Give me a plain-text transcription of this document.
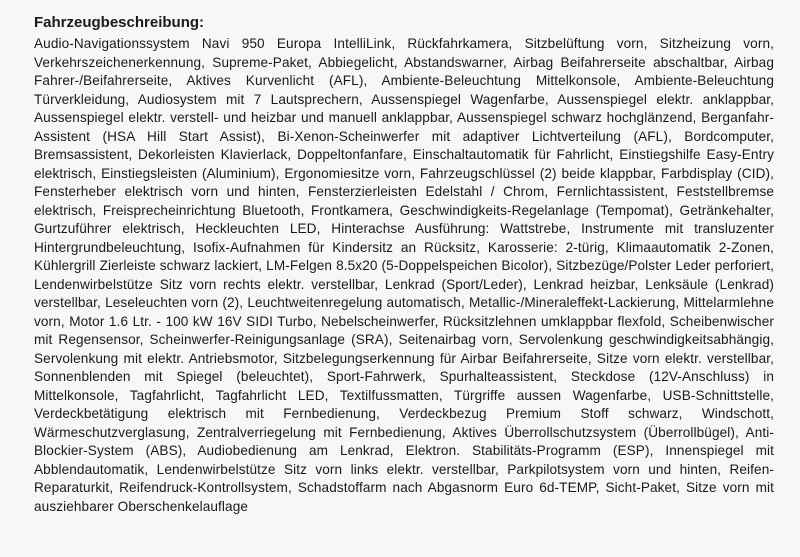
Fahrzeugbeschreibung:

Audio-Navigationssystem Navi 950 Europa IntelliLink, Rückfahrkamera, Sitzbelüftung vorn, Sitzheizung vorn, Verkehrszeichenerkennung, Supreme-Paket, Abbiegelicht, Abstandswarner, Airbag Beifahrerseite abschaltbar, Airbag Fahrer-/Beifahrerseite, Aktives Kurvenlicht (AFL), Ambiente-Beleuchtung Mittelkonsole, Ambiente-Beleuchtung Türverkleidung, Audiosystem mit 7 Lautsprechern, Aussenspiegel Wagenfarbe, Aussenspiegel elektr. anklappbar, Aussenspiegel elektr. verstell- und heizbar und manuell anklappbar, Aussenspiegel schwarz hochglänzend, Berganfahr-Assistent (HSA Hill Start Assist), Bi-Xenon-Scheinwerfer mit adaptiver Lichtverteilung (AFL), Bordcomputer, Bremsassistent, Dekorleisten Klavierlack, Doppeltonfanfare, Einschaltautomatik für Fahrlicht, Einstiegshilfe Easy-Entry elektrisch, Einstiegsleisten (Aluminium), Ergonomiesitze vorn, Fahrzeugschlüssel (2) beide klappbar, Farbdisplay (CID), Fensterheber elektrisch vorn und hinten, Fensterzierleisten Edelstahl / Chrom, Fernlichtassistent, Feststellbremse elektrisch, Freisprecheinrichtung Bluetooth, Frontkamera, Geschwindigkeits-Regelanlage (Tempomat), Getränkehalter, Gurtzuführer elektrisch, Heckleuchten LED, Hinterachse Ausführung: Wattstrebe, Instrumente mit transluzenter Hintergrundbeleuchtung, Isofix-Aufnahmen für Kindersitz an Rücksitz, Karosserie: 2-türig, Klimaautomatik 2-Zonen, Kühlergrill Zierleiste schwarz lackiert, LM-Felgen 8.5x20 (5-Doppelspeichen Bicolor), Sitzbezüge/Polster Leder perforiert, Lendenwirbelstütze Sitz vorn rechts elektr. verstellbar, Lenkrad (Sport/Leder), Lenkrad heizbar, Lenksäule (Lenkrad) verstellbar, Leseleuchten vorn (2), Leuchtweitenregelung automatisch, Metallic-/Mineraleffekt-Lackierung, Mittelarmlehne vorn, Motor 1.6 Ltr. - 100 kW 16V SIDI Turbo, Nebelscheinwerfer, Rücksitzlehnen umklappbar flexfold, Scheibenwischer mit Regensensor, Scheinwerfer-Reinigungsanlage (SRA), Seitenairbag vorn, Servolenkung geschwindigkeitsabhängig, Servolenkung mit elektr. Antriebsmotor, Sitzbelegungserkennung für Airbar Beifahrerseite, Sitze vorn elektr. verstellbar, Sonnenblenden mit Spiegel (beleuchtet), Sport-Fahrwerk, Spurhalteassistent, Steckdose (12V-Anschluss) in Mittelkonsole, Tagfahrlicht, Tagfahrlicht LED, Textilfussmatten, Türgriffe aussen Wagenfarbe, USB-Schnittstelle, Verdeckbetätigung elektrisch mit Fernbedienung, Verdeckbezug Premium Stoff schwarz, Windschott, Wärmeschutzverglasung, Zentralverriegelung mit Fernbedienung, Aktives Überrollschutzsystem (Überrollbügel), Anti-Blockier-System (ABS), Audiobedienung am Lenkrad, Elektron. Stabilitäts-Programm (ESP), Innenspiegel mit Abblendautomatik, Lendenwirbelstütze Sitz vorn links elektr. verstellbar, Parkpilotsystem vorn und hinten, Reifen-Reparaturkit, Reifendruck-Kontrollsystem, Schadstoffarm nach Abgasnorm Euro 6d-TEMP, Sicht-Paket, Sitze vorn mit ausziehbarer Oberschenkelauflage
